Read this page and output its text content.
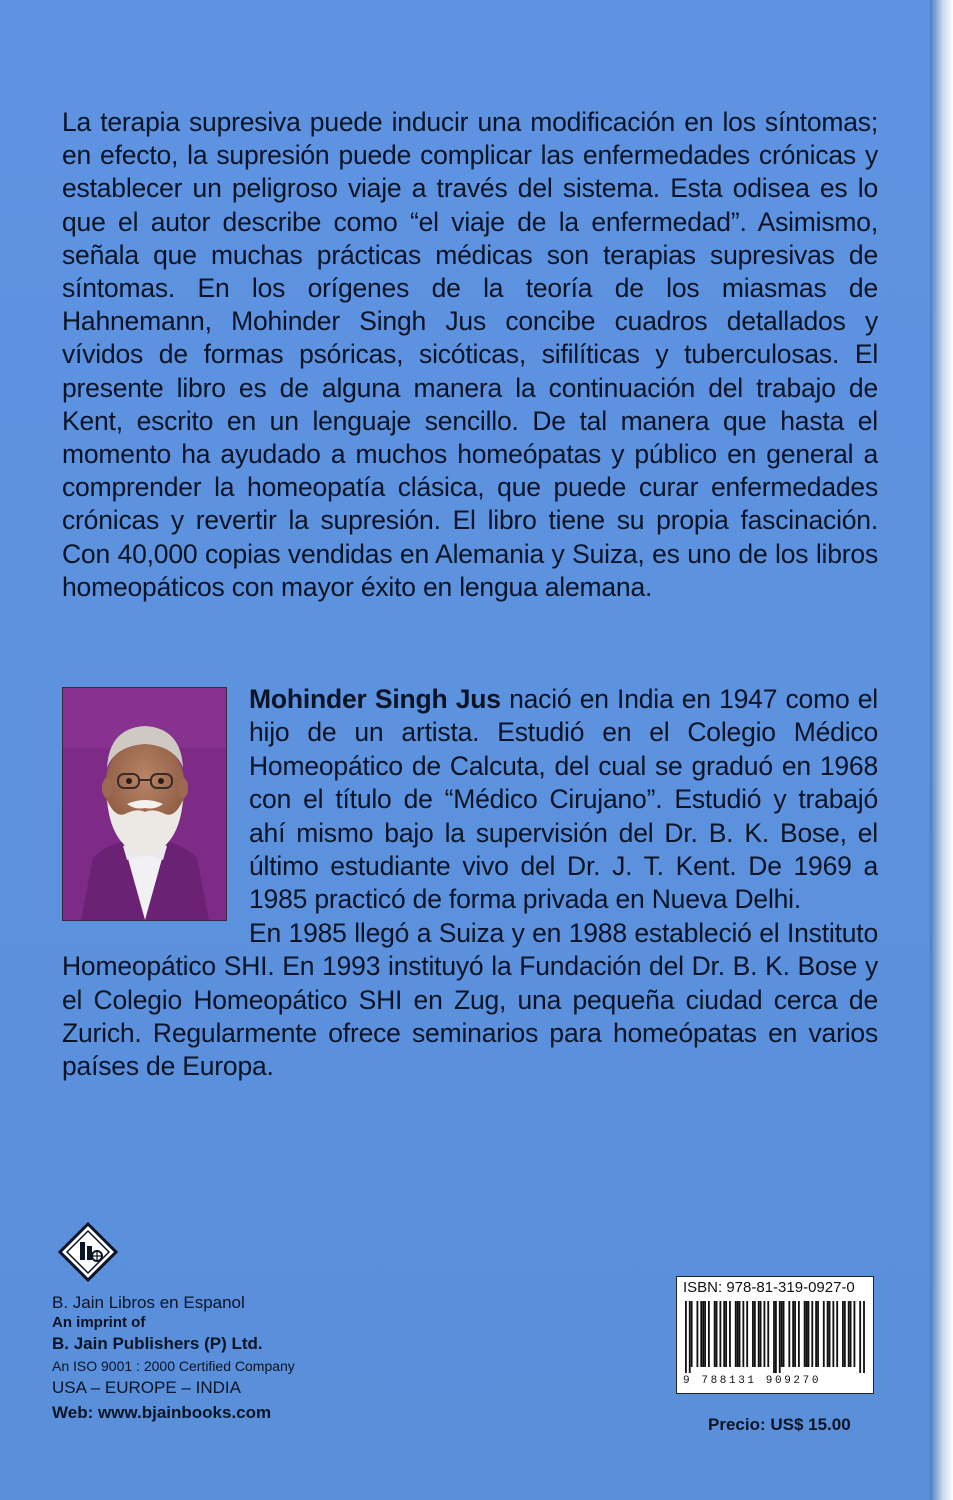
La terapia supresiva puede inducir una modificación en los síntomas; en efecto, la supresión puede complicar las enfermedades crónicas y establecer un peligroso viaje a través del sistema. Esta odisea es lo que el autor describe como “el viaje de la enfermedad”. Asimismo, señala que muchas prácticas médicas son terapias supresivas de síntomas. En los orígenes de la teoría de los miasmas de Hahnemann, Mohinder Singh Jus concibe cuadros detallados y vívidos de formas psóricas, sicóticas, sifilíticas y tuberculosas. El presente libro es de alguna manera la continuación del trabajo de Kent, escrito en un lenguaje sencillo. De tal manera que hasta el momento ha ayudado a muchos homeópatas y público en general a comprender la homeopatía clásica, que puede curar enfermedades crónicas y revertir la supresión. El libro tiene su propia fascinación. Con 40,000 copias vendidas en Alemania y Suiza, es uno de los libros homeopáticos con mayor éxito en lengua alemana.

Mohinder Singh Jus nació en India en 1947 como el hijo de un artista. Estudió en el Colegio Médico Homeopático de Calcuta, del cual se graduó en 1968 con el título de “Médico Cirujano”. Estudió y trabajó ahí mismo bajo la supervisión del Dr. B. K. Bose, el último estudiante vivo del Dr. J. T. Kent. De 1969 a 1985 practicó de forma privada en Nueva Delhi.

En 1985 llegó a Suiza y en 1988 estableció el Instituto Homeopático SHI. En 1993 instituyó la Fundación del Dr. B. K. Bose y el Colegio Homeopático SHI en Zug, una pequeña ciudad cerca de Zurich. Regularmente ofrece seminarios para homeópatas en varios países de Europa.

B. Jain Libros en Espanol
An imprint of
B. Jain Publishers (P) Ltd.
An ISO 9001 : 2000 Certified Company
USA – EUROPE – INDIA
Web: www.bjainbooks.com
ISBN: 978-81-319-0927-0
9 788131 909270
Precio: US$ 15.00
